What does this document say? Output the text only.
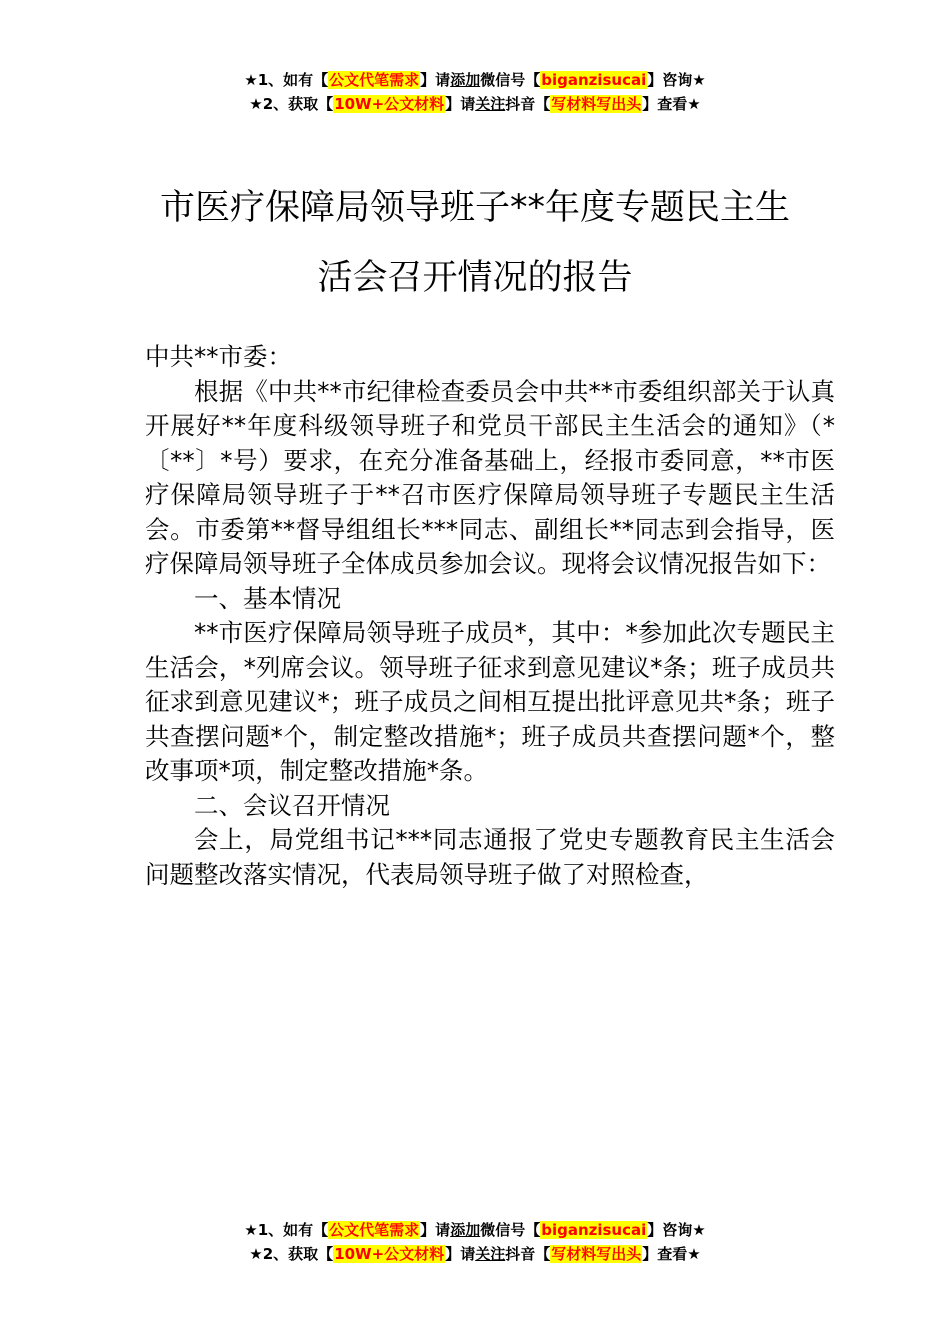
★1、如有【公文代笔需求】请添加微信号【biganzisucai】咨询★
★2、获取【10W+公文材料】请关注抖音【写材料写出头】查看★
市医疗保障局领导班子**年度专题民主生
活会召开情况的报告

中共**市委：

根据《中共**市纪律检查委员会中共**市委组织部关于认真开展好**年度科级领导班子和党员干部民主生活会的通知》（*〔**〕*号）要求，在充分准备基础上，经报市委同意，**市医疗保障局领导班子于**召市医疗保障局领导班子专题民主生活会。市委第**督导组组长***同志、副组长**同志到会指导，医疗保障局领导班子全体成员参加会议。现将会议情况报告如下：

一、基本情况

**市医疗保障局领导班子成员*，其中：*参加此次专题民主生活会，*列席会议。领导班子征求到意见建议*条；班子成员共征求到意见建议*；班子成员之间相互提出批评意见共*条；班子共查摆问题*个，制定整改措施*；班子成员共查摆问题*个，整改事项*项，制定整改措施*条。

二、会议召开情况

会上，局党组书记***同志通报了党史专题教育民主生活会问题整改落实情况，代表局领导班子做了对照检查，

★1、如有【公文代笔需求】请添加微信号【biganzisucai】咨询★
★2、获取【10W+公文材料】请关注抖音【写材料写出头】查看★
